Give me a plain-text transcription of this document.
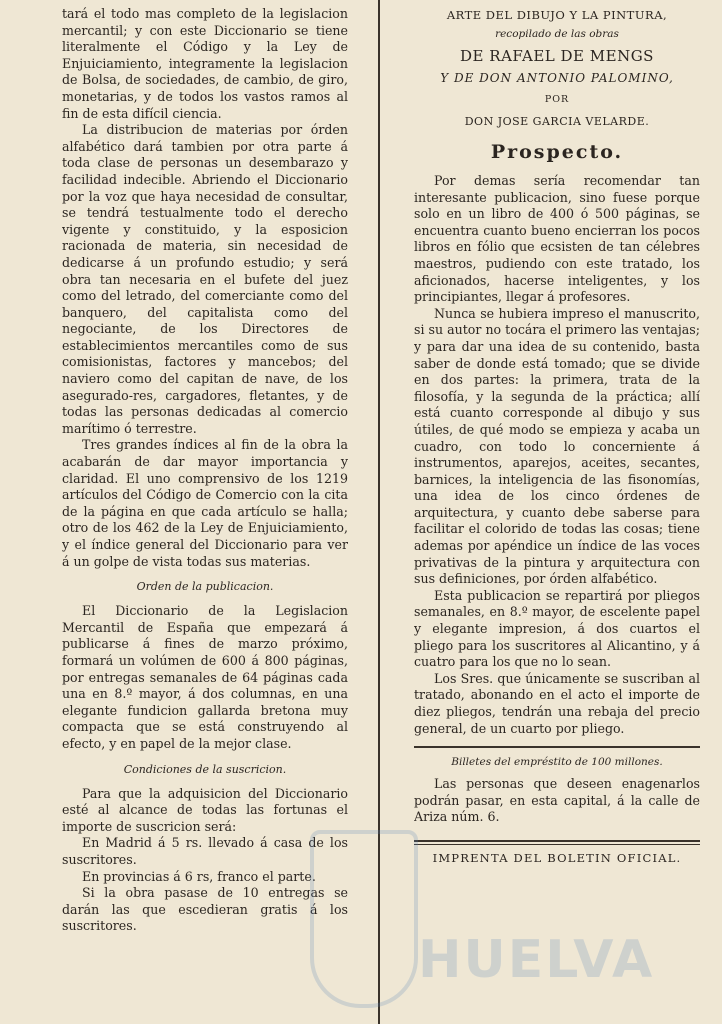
tará el todo mas completo de la legislacion mercantil; y con este Diccionario se tiene literalmente el Código y la Ley de Enjuiciamiento, integramente la legislacion de Bolsa, de sociedades, de cambio, de giro, monetarias, y de todos los vastos ramos al fin de esta difícil ciencia.

La distribucion de materias por órden alfabético dará tambien por otra parte á toda clase de personas un desembarazo y facilidad indecible. Abriendo el Diccionario por la voz que haya necesidad de consultar, se tendrá testualmente todo el derecho vigente y constituido, y la esposicion racionada de materia, sin necesidad de dedicarse á un profundo estudio; y será obra tan necesaria en el bufete del juez como del letrado, del comerciante como del banquero, del capitalista como del negociante, de los Directores de establecimientos mercantiles como de sus comisionistas, factores y mancebos; del naviero como del capitan de nave, de los asegurado-res, cargadores, fletantes, y de todas las personas dedicadas al comercio marítimo ó terrestre.

Tres grandes índices al fin de la obra la acabarán de dar mayor importancia y claridad. El uno comprensivo de los 1219 artículos del Código de Comercio con la cita de la página en que cada artículo se halla; otro de los 462 de la Ley de Enjuiciamiento, y el índice general del Diccionario para ver á un golpe de vista todas sus materias.

Orden de la publicacion.

El Diccionario de la Legislacion Mercantil de España que empezará á publicarse á fines de marzo próximo, formará un volúmen de 600 á 800 páginas, por entregas semanales de 64 páginas cada una en 8.º mayor, á dos columnas, en una elegante fundicion gallarda bretona muy compacta que se está construyendo al efecto, y en papel de la mejor clase.

Condiciones de la suscricion.

Para que la adquisicion del Diccionario esté al alcance de todas las fortunas el importe de suscricion será:

En Madrid á 5 rs. llevado á casa de los suscritores.

En provincias á 6 rs, franco el parte.

Si la obra pasase de 10 entregas se darán las que escedieran gratis á los suscritores.

ARTE DEL DIBUJO Y LA PINTURA,
recopilado de las obras
DE RAFAEL DE MENGS
Y DE DON ANTONIO PALOMINO,
POR
DON JOSE GARCIA VELARDE.
Prospecto.

Por demas sería recomendar tan interesante publicacion, sino fuese porque solo en un libro de 400 ó 500 páginas, se encuentra cuanto bueno encierran los pocos libros en fólio que ecsisten de tan célebres maestros, pudiendo con este tratado, los aficionados, hacerse inteligentes, y los principiantes, llegar á profesores.

Nunca se hubiera impreso el manuscrito, si su autor no tocára el primero las ventajas; y para dar una idea de su contenido, basta saber de donde está tomado; que se divide en dos partes: la primera, trata de la filosofía, y la segunda de la práctica; allí está cuanto corresponde al dibujo y sus útiles, de qué modo se empieza y acaba un cuadro, con todo lo concerniente á instrumentos, aparejos, aceites, secantes, barnices, la inteligencia de las fisonomías, una idea de los cinco órdenes de arquitectura, y cuanto debe saberse para facilitar el colorido de todas las cosas; tiene ademas por apéndice un índice de las voces privativas de la pintura y arquitectura con sus definiciones, por órden alfabético.

Esta publicacion se repartirá por pliegos semanales, en 8.º mayor, de escelente papel y elegante impresion, á dos cuartos el pliego para los suscritores al Alicantino, y á cuatro para los que no lo sean.

Los Sres. que únicamente se suscriban al tratado, abonando en el acto el importe de diez pliegos, tendrán una rebaja del precio general, de un cuarto por pliego.

Billetes del empréstito de 100 millones.

Las personas que deseen enagenarlos podrán pasar, en esta capital, á la calle de Ariza núm. 6.

IMPRENTA DEL BOLETIN OFICIAL.
HUELVA
